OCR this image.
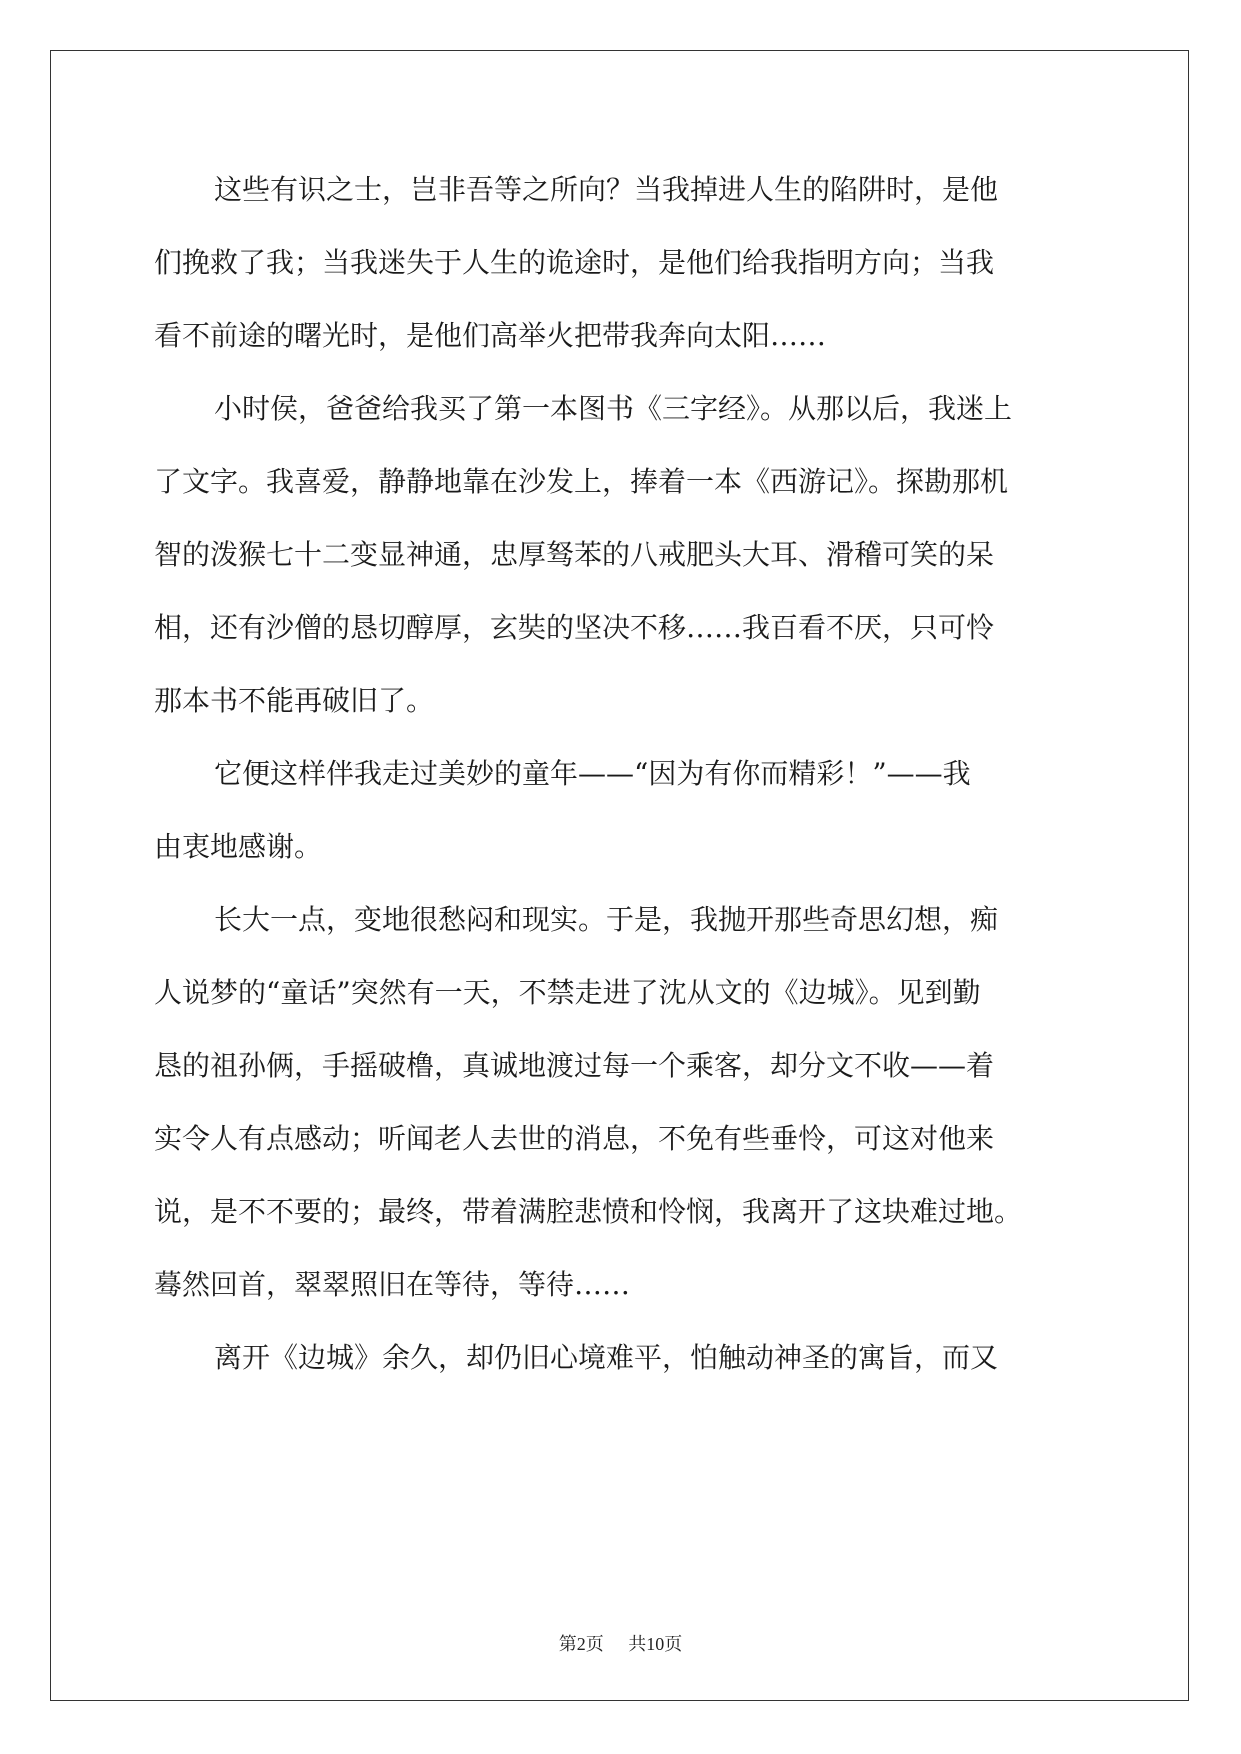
这些有识之士，岂非吾等之所向？当我掉进人生的陷阱时，是他
们挽救了我；当我迷失于人生的诡途时，是他们给我指明方向；当我
看不前途的曙光时，是他们高举火把带我奔向太阳……
小时侯，爸爸给我买了第一本图书《三字经》。从那以后，我迷上
了文字。我喜爱，静静地靠在沙发上，捧着一本《西游记》。探勘那机
智的泼猴七十二变显神通，忠厚驽苯的八戒肥头大耳、滑稽可笑的呆
相，还有沙僧的恳切醇厚，玄奘的坚决不移……我百看不厌，只可怜
那本书不能再破旧了。
它便这样伴我走过美妙的童年——“因为有你而精彩！”——我
由衷地感谢。
长大一点，变地很愁闷和现实。于是，我抛开那些奇思幻想，痴
人说梦的“童话”突然有一天，不禁走进了沈从文的《边城》。见到勤
恳的祖孙俩，手摇破橹，真诚地渡过每一个乘客，却分文不收——着
实令人有点感动；听闻老人去世的消息，不免有些垂怜，可这对他来
说，是不不要的；最终，带着满腔悲愤和怜悯，我离开了这块难过地。
蓦然回首，翠翠照旧在等待，等待……
离开《边城》余久，却仍旧心境难平，怕触动神圣的寓旨，而又
第2页 共10页
